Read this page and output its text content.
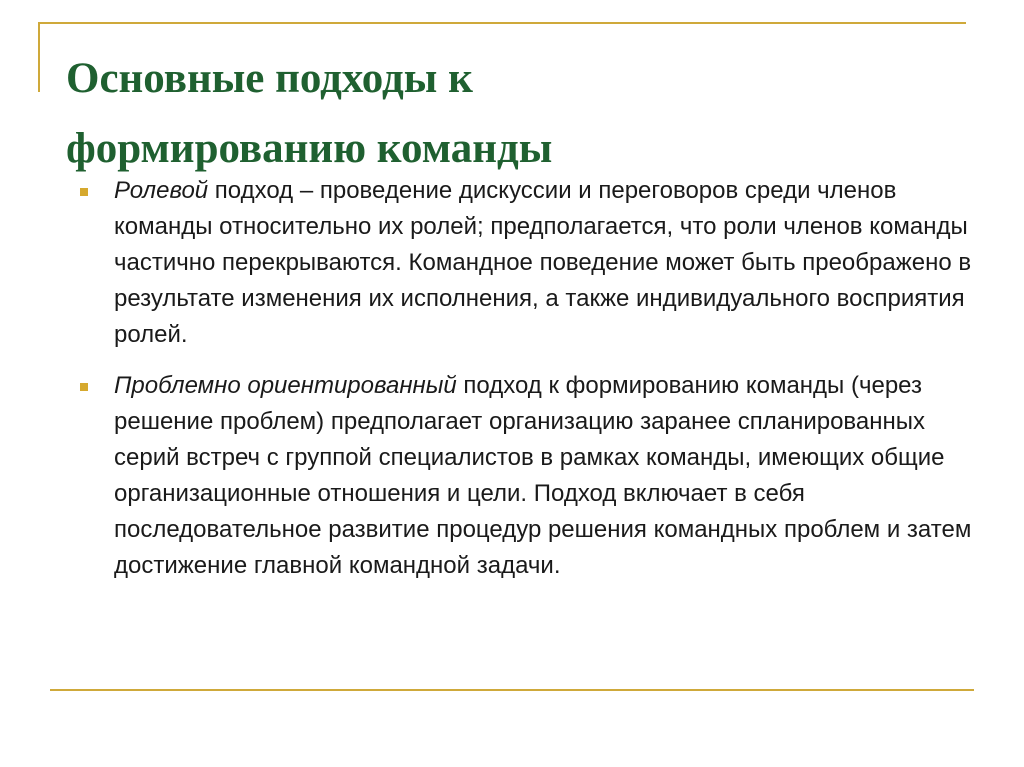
Основные подходы к
формированию команды
Ролевой подход – проведение дискуссии и переговоров среди членов команды относительно их ролей; предполагается, что роли членов команды частично перекрываются. Командное поведение может быть преображено в результате изменения их исполнения, а также индивидуального восприятия ролей.
Проблемно ориентированный подход к формированию команды (через решение проблем) предполагает организацию заранее спланированных серий встреч с группой специалистов в рамках команды, имеющих общие организационные отношения и цели. Подход включает в себя последовательное развитие процедур решения командных проблем и затем достижение главной командной задачи.
